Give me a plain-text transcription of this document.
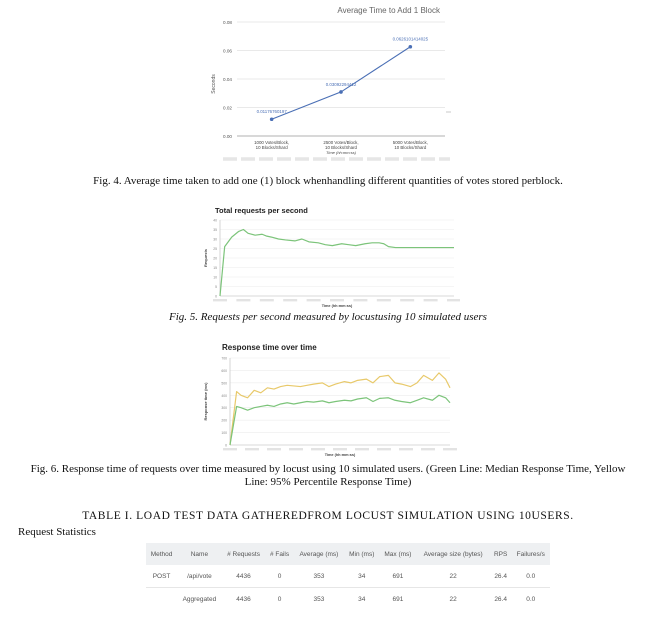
Average Time to Add 1 Block
0.00
0.02
0.04
0.06
0.08
Seconds
0.01176760197
0.03092294412
0.0626101414025
1000 Votes/Block,
10 Blocks/Shard
2500 Votes/Block,
10 Blocks/Shard
5000 Votes/Block,
10 Blocks/Shard
Time (hh:mm:ss)
Fig. 4. Average time taken to add one (1) block whenhandling different quantities of votes stored perblock.
Total requests per second
0
5
10
15
20
25
30
35
40
Requests
Time (hh:mm:ss)
Fig. 5. Requests per second measured by locustusing 10 simulated users
Response time over time
0
100
200
300
400
500
600
700
Response time (ms)
Time (hh:mm:ss)
Fig. 6. Response time of requests over time measured by locust using 10 simulated users. (Green Line: Median Response Time, Yellow Line: 95% Percentile Response Time)
TABLE I. LOAD TEST DATA GATHEREDFROM LOCUST SIMULATION USING 10USERS.
Request Statistics
Method	Name	# Requests	# Fails	Average (ms)	Min (ms)	Max (ms)	Average size (bytes)	RPS	Failures/s
POST	/api/vote	4436	0	353	34	691	22	26.4	0.0
	Aggregated	4436	0	353	34	691	22	26.4	0.0
